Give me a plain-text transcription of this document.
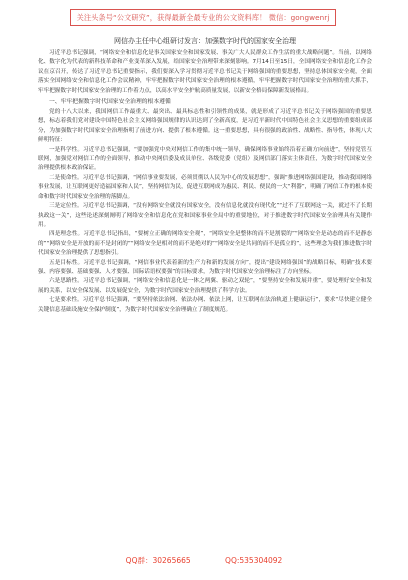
关注头条号“公文研究”，获得最新全最专业的公文资料库！ 微信：gongwenrj
网信办主任中心组研讨发言：加强数字时代的国家安全治理

习近平总书记强调，“网络安全和信息化是事关国家安全和国家发展、事关广大人民群众工作生活的重大战略问题”。当前，以网络化、数字化为代表的新科技革命和产业变革深入发展，给国家安全治理带来深刻影响。7月14日至15日，全国网络安全和信息化工作会议在京召开，传达了习近平总书记重要指示，我们要深入学习贯彻习近平总书记关于网络强国的重要思想，坚持总体国家安全观，全面落实全国网络安全和信息化工作会议精神，牢牢把握数字时代国家安全治理的根本遵循，牢牢把握数字时代国家安全治理的重大抓手，牢牢把握数字时代国家安全治理的工作着力点，以高水平安全护航高质量发展，以新安全格局保障新发展格局。

一、牢牢把握数字时代国家安全治理的根本遵循

党的十八大以来，我国网信工作最重大、最突出、最具标志性和引领性的成果，就是形成了习近平总书记关于网络强国的重要思想，标志着我们党对建设中国特色社会主义网络强国规律的认识达到了全新高度，是习近平新时代中国特色社会主义思想的重要组成部分，为加强数字时代国家安全治理指明了前进方向、提供了根本遵循。这一重要思想，具有很强的政治性、战略性、指导性，体现八大鲜明特征：

一是科学性。习近平总书记强调，“要加强党中央对网信工作的集中统一领导，确保网络事业始终沿着正确方向前进”，坚持党管互联网，加强党对网信工作的全面领导，推动中央网信委及成员单位、各级党委（党组）及网信部门落实主体责任，为数字时代国家安全治理提供根本政治保证。

二是使命性。习近平总书记强调，“网信事业要发展，必须贯彻以人民为中心的发展思想”，强调“推进网络强国建设，推动我国网络事业发展，让互联网更好造福国家和人民”，坚持网信为民，促进互联网成为惠民、利民、便民的一大“利器”，明确了网信工作的根本使命和数字时代国家安全治理的落脚点。

三是定位性。习近平总书记强调，“没有网络安全就没有国家安全，没有信息化就没有现代化”“过不了互联网这一关，就过不了长期执政这一关”，这些论述深刻阐明了网络安全和信息化在党和国家事业全局中的重要地位，对于推进数字时代国家安全治理具有关键作用。

四是理念性。习近平总书记指出，“要树立正确的网络安全观”，“网络安全是整体的而不是割裂的”“网络安全是动态的而不是静态的”“网络安全是开放的而不是封闭的”“网络安全是相对的而不是绝对的”“网络安全是共同的而不是孤立的”，这些理念为我们推进数字时代国家安全治理提供了思想指引。

五是目标性。习近平总书记强调，“网信事业代表着新的生产力和新的发展方向”，提出“建设网络强国”的战略目标，明确“技术要强、内容要强、基础要强、人才要强、国际话语权要强”的目标要求，为数字时代国家安全治理标注了方向坐标。

六是思路性。习近平总书记强调，“网络安全和信息化是一体之两翼、驱动之双轮”，“要坚持安全和发展并重”，要处理好安全和发展的关系，以安全保发展、以发展促安全，为数字时代国家安全治理提供了科学方法。

七是要求性。习近平总书记强调，“要坚持依法治网、依法办网、依法上网，让互联网在法治轨道上健康运行”，要求“尽快建立健全关键信息基础设施安全保护制度”，为数字时代国家安全治理确立了制度规范。

QQ群：30265665	QQ:535304092
